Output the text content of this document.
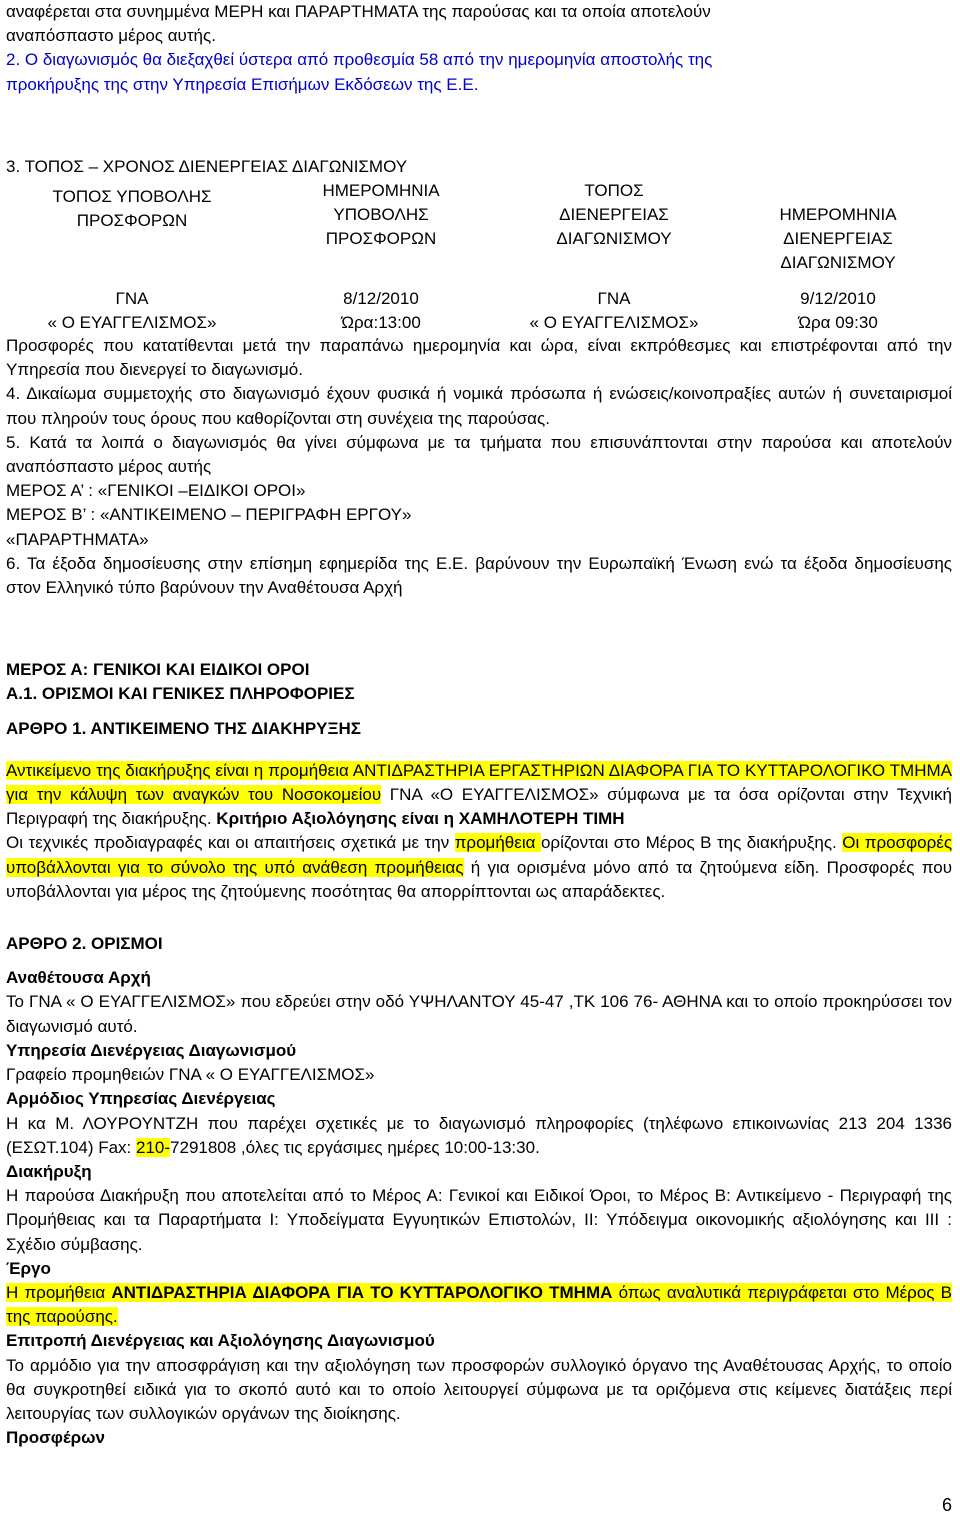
αναφέρεται στα συνημμένα ΜΕΡΗ και ΠΑΡΑΡΤΗΜΑΤΑ της παρούσας και τα οποία αποτελούν

αναπόσπαστο μέρος αυτής.

2. Ο διαγωνισμός θα διεξαχθεί ύστερα από προθεσμία 58 από την ημερομηνία αποστολής της

προκήρυξης της στην Υπηρεσία Επισήμων Εκδόσεων της Ε.Ε.

3. ΤΟΠΟΣ – ΧΡΟΝΟΣ ΔΙΕΝΕΡΓΕΙΑΣ ΔΙΑΓΩΝΙΣΜΟΥ

ΤΟΠΟΣ ΥΠΟΒΟΛΗΣ
ΠΡΟΣΦΟΡΩΝ
ΗΜΕΡΟΜΗΝΙΑ
ΥΠΟΒΟΛΗΣ
ΠΡΟΣΦΟΡΩΝ
ΤΟΠΟΣ
ΔΙΕΝΕΡΓΕΙΑΣ
ΔΙΑΓΩΝΙΣΜΟΥ
ΗΜΕΡΟΜΗΝΙΑ
ΔΙΕΝΕΡΓΕΙΑΣ
ΔΙΑΓΩΝΙΣΜΟΥ
ΓΝΑ
« Ο ΕΥΑΓΓΕΛΙΣΜΟΣ»
8/12/2010
Ώρα:13:00
ΓΝΑ
« Ο ΕΥΑΓΓΕΛΙΣΜΟΣ»
9/12/2010
Ώρα 09:30

Προσφορές που κατατίθενται μετά την παραπάνω ημερομηνία και ώρα, είναι εκπρόθεσμες και επιστρέφονται από την Υπηρεσία που διενεργεί το διαγωνισμό.

4. Δικαίωμα συμμετοχής στο διαγωνισμό έχουν φυσικά ή νομικά πρόσωπα ή ενώσεις/κοινοπραξίες αυτών ή συνεταιρισμοί που πληρούν τους όρους που καθορίζονται στη συνέχεια της παρούσας.

5. Κατά τα λοιπά ο διαγωνισμός θα γίνει σύμφωνα με τα τμήματα που επισυνάπτονται στην παρούσα και αποτελούν αναπόσπαστο μέρος αυτής

ΜΕΡΟΣ Α’ : «ΓΕΝΙΚΟΙ –ΕΙΔΙΚΟΙ ΟΡΟΙ»

ΜΕΡΟΣ Β’ : «ΑΝΤΙΚΕΙΜΕΝΟ – ΠΕΡΙΓΡΑΦΗ ΕΡΓΟΥ»

«ΠΑΡΑΡΤΗΜΑΤΑ»

6. Τα έξοδα δημοσίευσης στην επίσημη εφημερίδα της Ε.Ε. βαρύνουν την Ευρωπαϊκή Ένωση ενώ τα έξοδα δημοσίευσης στον Ελληνικό τύπο βαρύνουν την Αναθέτουσα Αρχή

ΜΕΡΟΣ Α: ΓΕΝΙΚΟΙ ΚΑΙ ΕΙΔΙΚΟΙ ΟΡΟΙ

Α.1. ΟΡΙΣΜΟΙ ΚΑΙ ΓΕΝΙΚΕΣ ΠΛΗΡΟΦΟΡΙΕΣ

ΑΡΘΡΟ 1. ΑΝΤΙΚΕΙΜΕΝΟ ΤΗΣ ΔΙΑΚΗΡΥΞΗΣ

Αντικείμενο της διακήρυξης είναι η προμήθεια ΑΝΤΙΔΡΑΣΤΗΡΙΑ ΕΡΓΑΣΤΗΡΙΩΝ ΔΙΑΦΟΡΑ ΓΙΑ ΤΟ ΚΥΤΤΑΡΟΛΟΓΙΚΟ ΤΜΗΜΑ για την κάλυψη των αναγκών του Νοσοκομείου ΓΝΑ «Ο ΕΥΑΓΓΕΛΙΣΜΟΣ» σύμφωνα με τα όσα ορίζονται στην Τεχνική Περιγραφή της διακήρυξης. Κριτήριο Αξιολόγησης είναι η ΧΑΜΗΛΟΤΕΡΗ ΤΙΜΗ

Οι τεχνικές προδιαγραφές και οι απαιτήσεις σχετικά με την προμήθεια ορίζονται στο Μέρος Β της διακήρυξης. Οι προσφορές υποβάλλονται για το σύνολο της υπό ανάθεση προμήθειας ή για ορισμένα μόνο από τα ζητούμενα είδη. Προσφορές που υποβάλλονται για μέρος της ζητούμενης ποσότητας θα απορρίπτονται ως απαράδεκτες.

ΑΡΘΡΟ 2. ΟΡΙΣΜΟΙ

Αναθέτουσα Αρχή

Το ΓΝΑ « Ο ΕΥΑΓΓΕΛΙΣΜΟΣ» που εδρεύει στην οδό ΥΨΗΛΑΝΤΟΥ 45-47 ,ΤΚ 106 76- ΑΘΗΝΑ και το οποίο προκηρύσσει τον διαγωνισμό αυτό.

Υπηρεσία Διενέργειας Διαγωνισμού

Γραφείο προμηθειών ΓΝΑ « Ο ΕΥΑΓΓΕΛΙΣΜΟΣ»

Αρμόδιος Υπηρεσίας Διενέργειας

Η κα Μ. ΛΟΥΡΟΥΝΤΖΗ που παρέχει σχετικές με το διαγωνισμό πληροφορίες (τηλέφωνο επικοινωνίας 213 204 1336 (ΕΣΩΤ.104) Fax: 210-7291808 ,όλες τις εργάσιμες ημέρες 10:00-13:30.

Διακήρυξη

Η παρούσα Διακήρυξη που αποτελείται από το Μέρος Α: Γενικοί και Ειδικοί Όροι, το Μέρος Β: Αντικείμενο - Περιγραφή της Προμήθειας και τα Παραρτήματα Ι: Υποδείγματα Εγγυητικών Επιστολών, ΙΙ: Υπόδειγμα οικονομικής αξιολόγησης και ΙΙΙ : Σχέδιο σύμβασης.

Έργο

Η προμήθεια ΑΝΤΙΔΡΑΣΤΗΡΙΑ ΔΙΑΦΟΡΑ ΓΙΑ ΤΟ ΚΥΤΤΑΡΟΛΟΓΙΚΟ ΤΜΗΜΑ όπως αναλυτικά περιγράφεται στο Μέρος Β της παρούσης.

Επιτροπή Διενέργειας και Αξιολόγησης Διαγωνισμού

Το αρμόδιο για την αποσφράγιση και την αξιολόγηση των προσφορών συλλογικό όργανο της Αναθέτουσας Αρχής, το οποίο θα συγκροτηθεί ειδικά για το σκοπό αυτό και το οποίο λειτουργεί σύμφωνα με τα οριζόμενα στις κείμενες διατάξεις περί λειτουργίας των συλλογικών οργάνων της διοίκησης.

Προσφέρων

6
